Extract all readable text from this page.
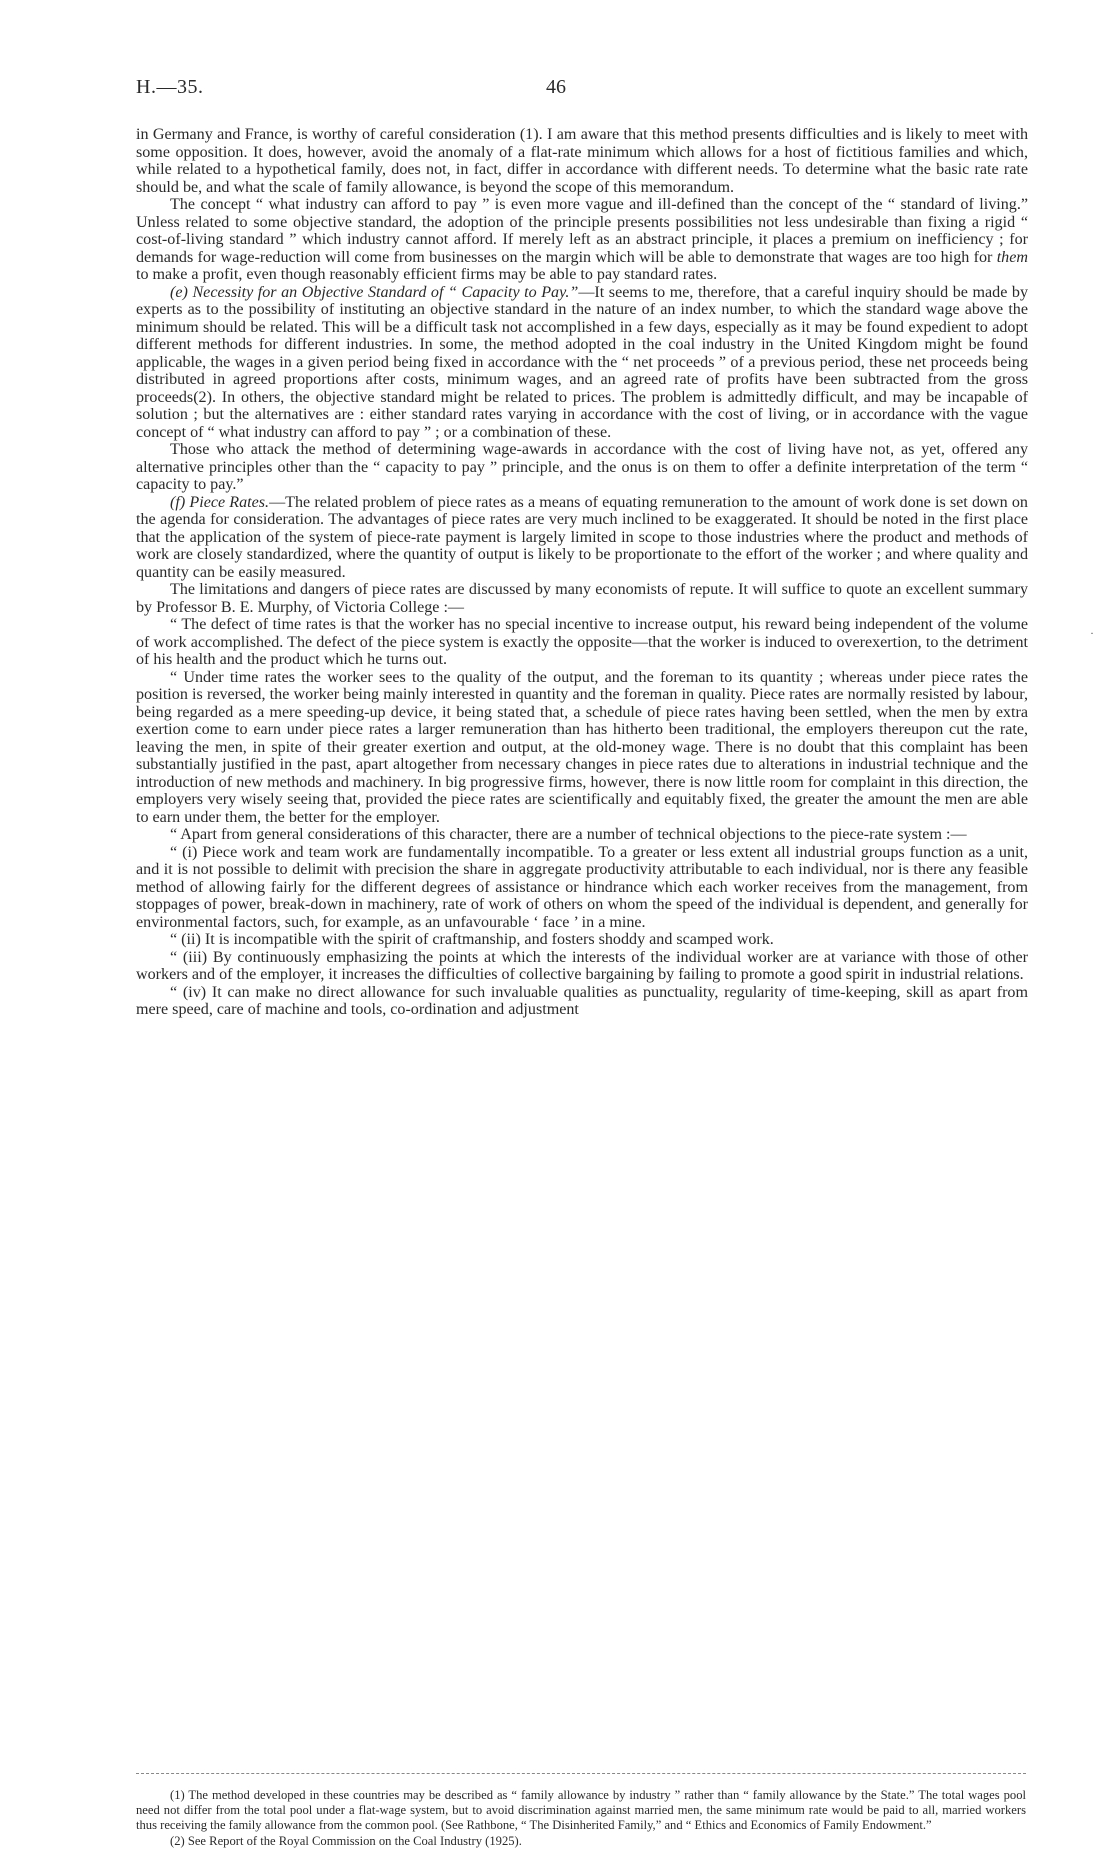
H.—35.	46
·

in Germany and France, is worthy of careful consideration (1). I am aware that this method presents difficulties and is likely to meet with some opposition. It does, however, avoid the anomaly of a flat-rate minimum which allows for a host of fictitious families and which, while related to a hypothetical family, does not, in fact, differ in accordance with different needs. To determine what the basic rate rate should be, and what the scale of family allowance, is beyond the scope of this memorandum.

The concept “ what industry can afford to pay ” is even more vague and ill-defined than the concept of the “ standard of living.” Unless related to some objective standard, the adoption of the principle presents possibilities not less undesirable than fixing a rigid “ cost-of-living standard ” which industry cannot afford. If merely left as an abstract principle, it places a premium on inefficiency ; for demands for wage-reduction will come from businesses on the margin which will be able to demonstrate that wages are too high for them to make a profit, even though reasonably efficient firms may be able to pay standard rates.

(e) Necessity for an Objective Standard of “ Capacity to Pay.”—It seems to me, therefore, that a careful inquiry should be made by experts as to the possibility of instituting an objective standard in the nature of an index number, to which the standard wage above the minimum should be related. This will be a difficult task not accomplished in a few days, especially as it may be found expedient to adopt different methods for different industries. In some, the method adopted in the coal industry in the United Kingdom might be found applicable, the wages in a given period being fixed in accordance with the “ net proceeds ” of a previous period, these net proceeds being distributed in agreed proportions after costs, minimum wages, and an agreed rate of profits have been subtracted from the gross proceeds(2). In others, the objective standard might be related to prices. The problem is admittedly difficult, and may be incapable of solution ; but the alternatives are : either standard rates varying in accordance with the cost of living, or in accordance with the vague concept of “ what industry can afford to pay ” ; or a combination of these.

Those who attack the method of determining wage-awards in accordance with the cost of living have not, as yet, offered any alternative principles other than the “ capacity to pay ” principle, and the onus is on them to offer a definite interpretation of the term “ capacity to pay.”

(f) Piece Rates.—The related problem of piece rates as a means of equating remuneration to the amount of work done is set down on the agenda for consideration. The advantages of piece rates are very much inclined to be exaggerated. It should be noted in the first place that the application of the system of piece-rate payment is largely limited in scope to those industries where the product and methods of work are closely standardized, where the quantity of output is likely to be proportionate to the effort of the worker ; and where quality and quantity can be easily measured.

The limitations and dangers of piece rates are discussed by many economists of repute. It will suffice to quote an excellent summary by Professor B. E. Murphy, of Victoria College :—

“ The defect of time rates is that the worker has no special incentive to increase output, his reward being independent of the volume of work accomplished. The defect of the piece system is exactly the opposite—that the worker is induced to overexertion, to the detriment of his health and the product which he turns out.

“ Under time rates the worker sees to the quality of the output, and the foreman to its quantity ; whereas under piece rates the position is reversed, the worker being mainly interested in quantity and the foreman in quality. Piece rates are normally resisted by labour, being regarded as a mere speeding-up device, it being stated that, a schedule of piece rates having been settled, when the men by extra exertion come to earn under piece rates a larger remuneration than has hitherto been traditional, the employers thereupon cut the rate, leaving the men, in spite of their greater exertion and output, at the old-money wage. There is no doubt that this complaint has been substantially justified in the past, apart altogether from necessary changes in piece rates due to alterations in industrial technique and the introduction of new methods and machinery. In big progressive firms, however, there is now little room for complaint in this direction, the employers very wisely seeing that, provided the piece rates are scientifically and equitably fixed, the greater the amount the men are able to earn under them, the better for the employer.

“ Apart from general considerations of this character, there are a number of technical objections to the piece-rate system :—

“ (i) Piece work and team work are fundamentally incompatible. To a greater or less extent all industrial groups function as a unit, and it is not possible to delimit with precision the share in aggregate productivity attributable to each individual, nor is there any feasible method of allowing fairly for the different degrees of assistance or hindrance which each worker receives from the management, from stoppages of power, break-down in machinery, rate of work of others on whom the speed of the individual is dependent, and generally for environmental factors, such, for example, as an unfavourable ‘ face ’ in a mine.

“ (ii) It is incompatible with the spirit of craftmanship, and fosters shoddy and scamped work.

“ (iii) By continuously emphasizing the points at which the interests of the individual worker are at variance with those of other workers and of the employer, it increases the difficulties of collective bargaining by failing to promote a good spirit in industrial relations.

“ (iv) It can make no direct allowance for such invaluable qualities as punctuality, regularity of time-keeping, skill as apart from mere speed, care of machine and tools, co-ordination and adjustment

(1) The method developed in these countries may be described as “ family allowance by industry ” rather than “ family allowance by the State.” The total wages pool need not differ from the total pool under a flat-wage system, but to avoid discrimination against married men, the same minimum rate would be paid to all, married workers thus receiving the family allowance from the common pool. (See Rathbone, “ The Disinherited Family,” and “ Ethics and Economics of Family Endowment.”

(2) See Report of the Royal Commission on the Coal Industry (1925).
